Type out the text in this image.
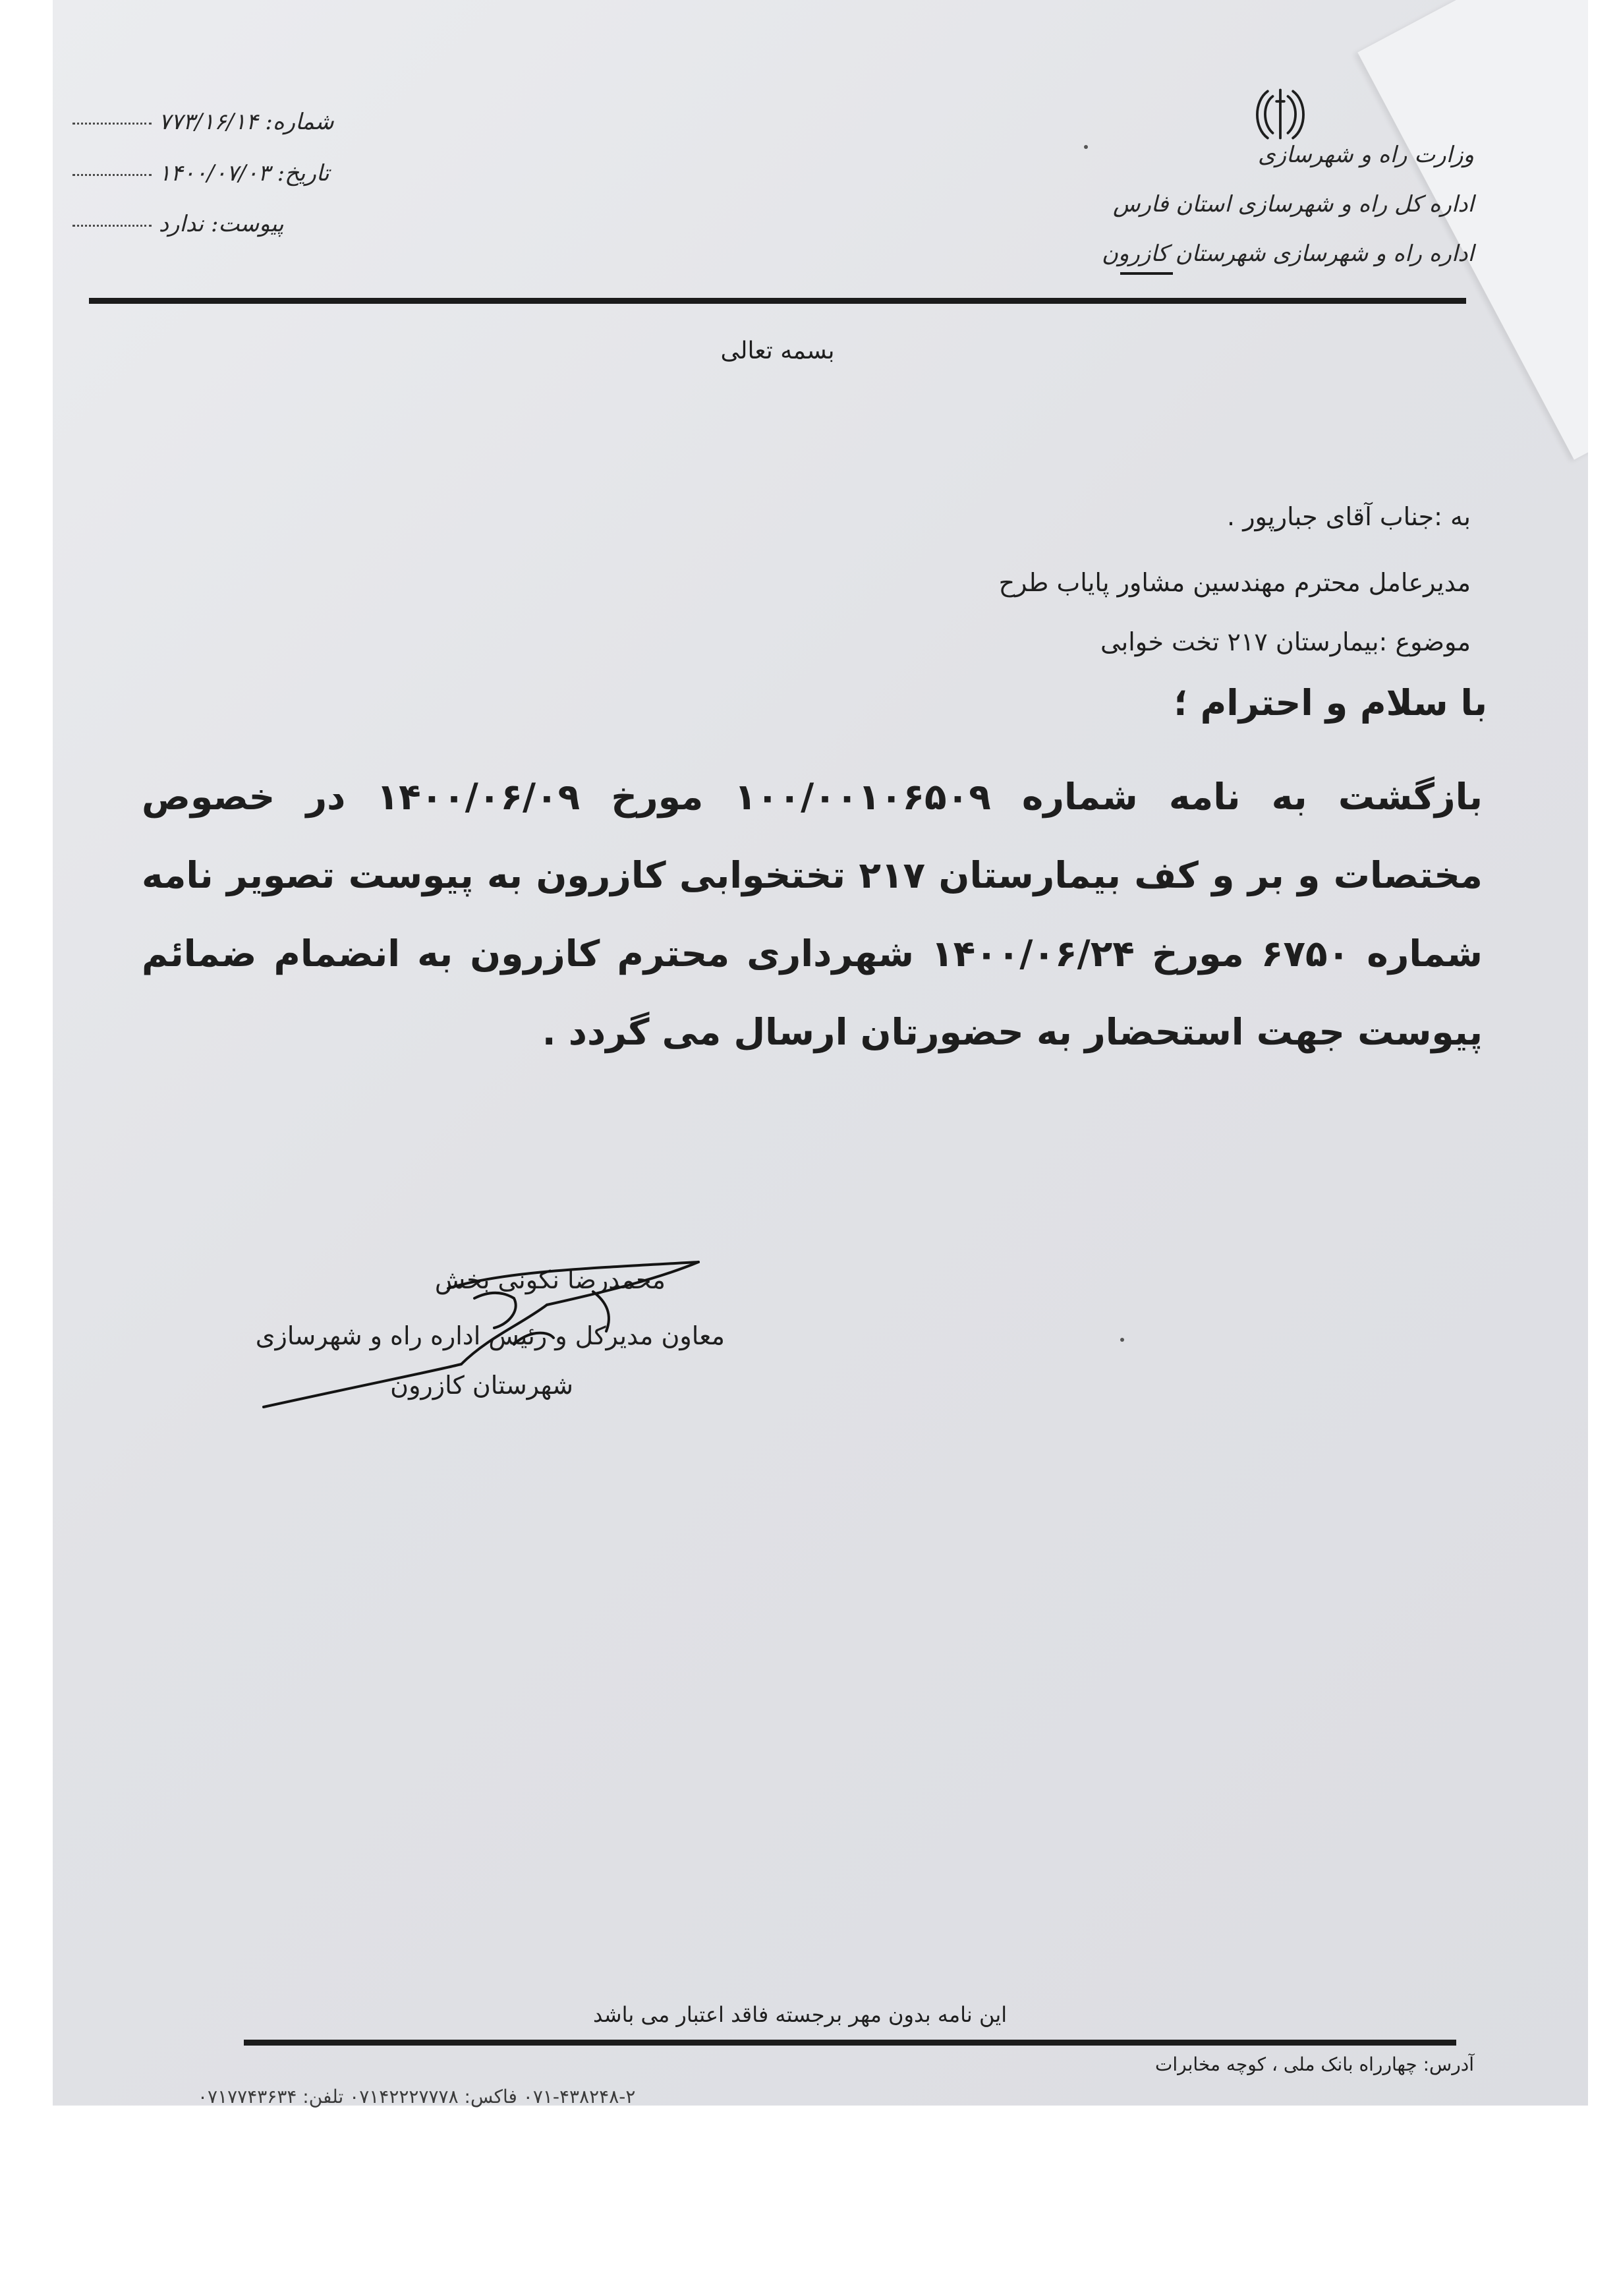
وزارت راه و شهرسازی
اداره کل راه و شهرسازی استان فارس
اداره راه و شهرسازی شهرستان کازرون
شماره: ۷۷۳/۱۶/۱۴
تاریخ: ۱۴۰۰/۰۷/۰۳
پیوست: ندارد
بسمه تعالی
به :جناب آقای جبارپور .
مدیرعامل محترم مهندسین مشاور پایاب طرح
موضوع :بیمارستان ۲۱۷ تخت خوابی
با سلام و احترام ؛
بازگشت به نامه شماره ۱۰۰/۰۰۱۰۶۵۰۹ مورخ ۱۴۰۰/۰۶/۰۹ در خصوص مختصات و بر و کف بیمارستان ۲۱۷ تختخوابی کازرون به پیوست تصویر نامه شماره ۶۷۵۰ مورخ ۱۴۰۰/۰۶/۲۴ شهرداری محترم کازرون به انضمام ضمائم پیوست جهت استحضار به حضورتان ارسال می گردد .
محمدرضا نکونی بخش
معاون مدیرکل و رئیس اداره راه و شهرسازی
شهرستان کازرون
این نامه بدون مهر برجسته فاقد اعتبار می باشد
آدرس: چهارراه بانک ملی ، کوچه مخابرات
۰۷۱-۴۳۸۲۴۸-۲ فاکس: ۰۷۱۴۲۲۲۷۷۷۸ تلفن: ۰۷۱۷۷۴۳۶۳۴
